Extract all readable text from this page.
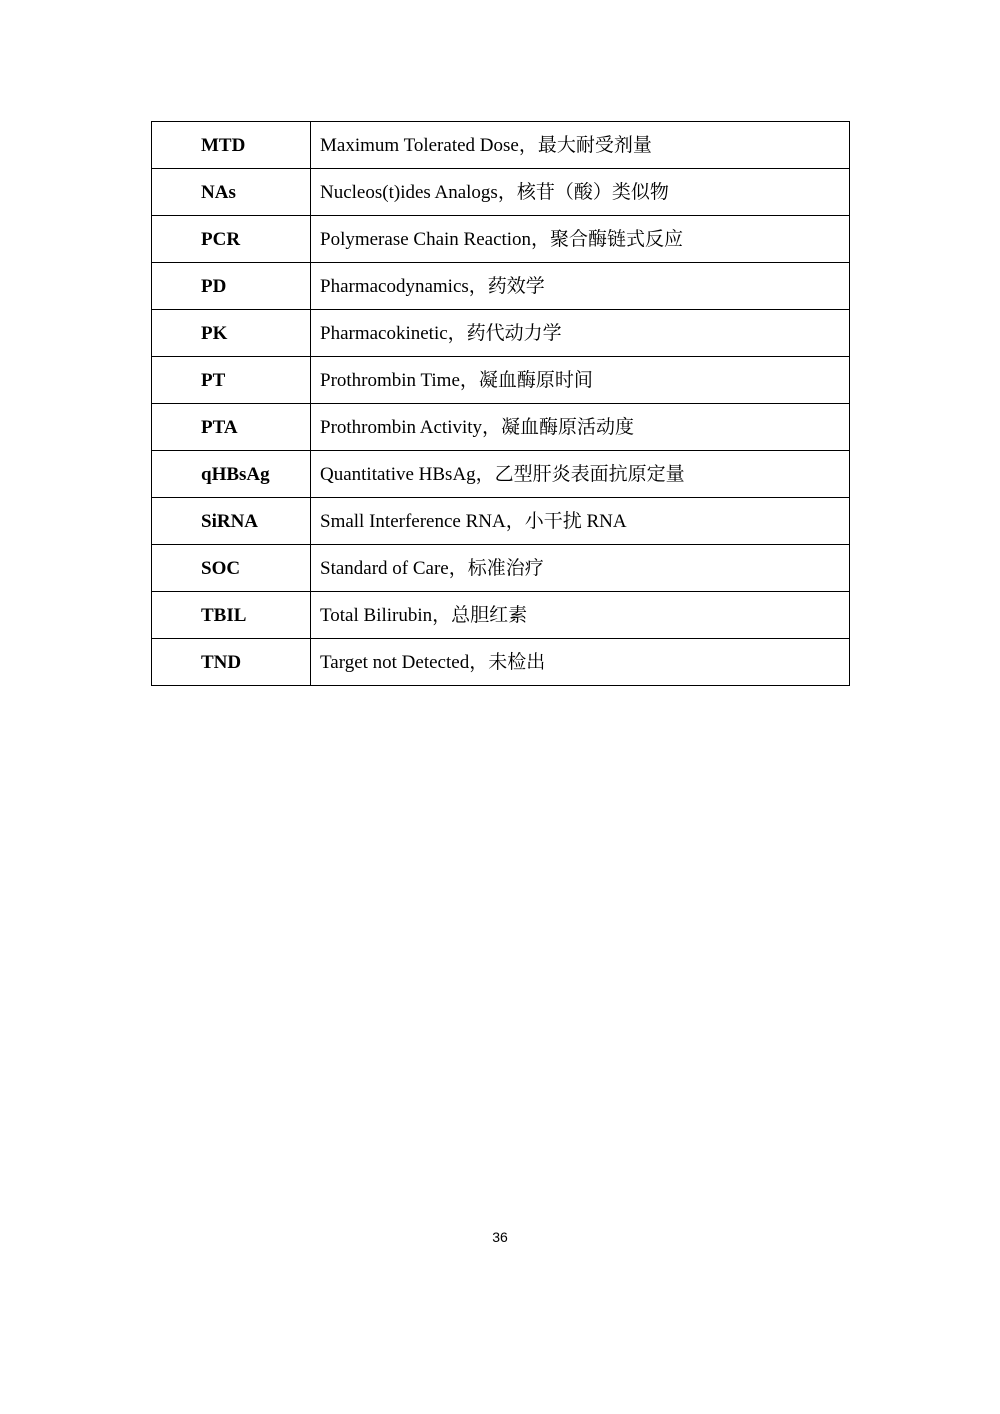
MTD	Maximum Tolerated Dose，最大耐受剂量
NAs	Nucleos(t)ides Analogs，核苷（酸）类似物
PCR	Polymerase Chain Reaction，聚合酶链式反应
PD	Pharmacodynamics，药效学
PK	Pharmacokinetic，药代动力学
PT	Prothrombin Time，凝血酶原时间
PTA	Prothrombin Activity，凝血酶原活动度
qHBsAg	Quantitative HBsAg，乙型肝炎表面抗原定量
SiRNA	Small Interference RNA，小干扰 RNA
SOC	Standard of Care，标准治疗
TBIL	Total Bilirubin，总胆红素
TND	Target not Detected，未检出
36
